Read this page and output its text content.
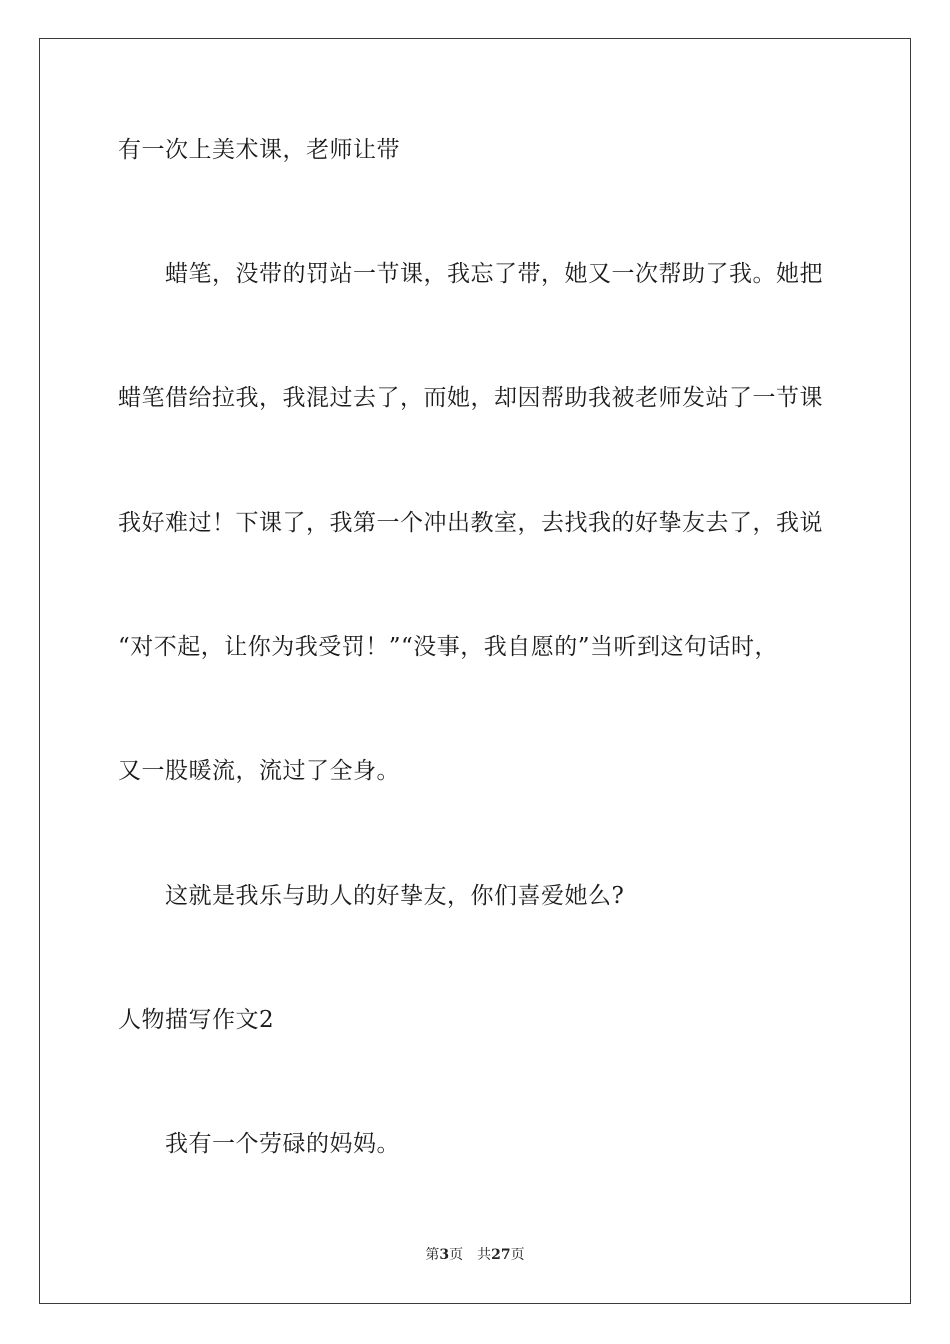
有一次上美术课，老师让带
蜡笔，没带的罚站一节课，我忘了带，她又一次帮助了我。她把
蜡笔借给拉我，我混过去了，而她，却因帮助我被老师发站了一节课
我好难过！下课了，我第一个冲出教室，去找我的好挚友去了，我说
“对不起，让你为我受罚！”“没事，我自愿的”当听到这句话时，
又一股暖流，流过了全身。
这就是我乐与助人的好挚友，你们喜爱她么?
人物描写作文2
我有一个劳碌的妈妈。
第3页 共27页
